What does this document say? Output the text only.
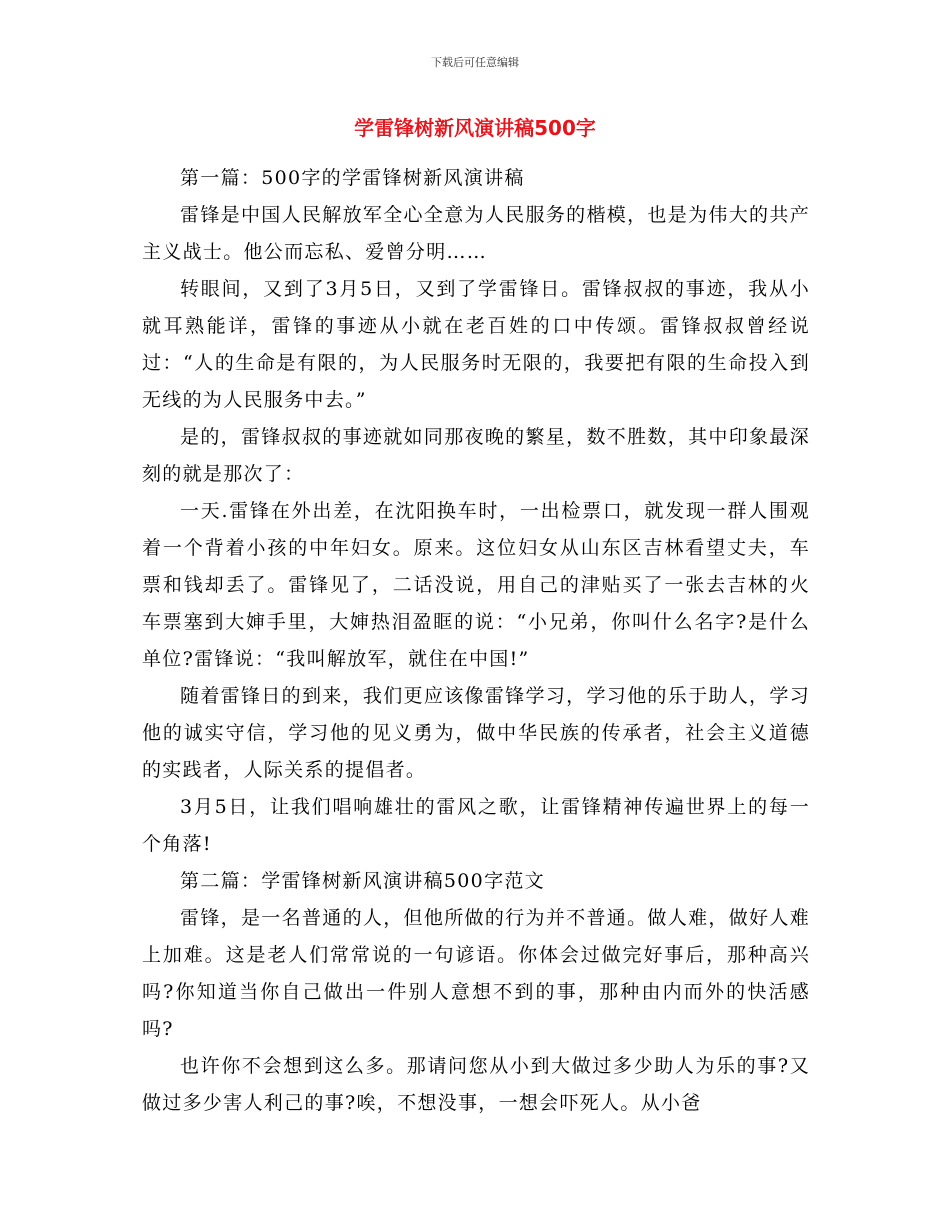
下载后可任意编辑
学雷锋树新风演讲稿500字

第一篇：500字的学雷锋树新风演讲稿

雷锋是中国人民解放军全心全意为人民服务的楷模，也是为伟大的共产主义战士。他公而忘私、爱曾分明……

转眼间，又到了3月5日，又到了学雷锋日。雷锋叔叔的事迹，我从小就耳熟能详，雷锋的事迹从小就在老百姓的口中传颂。雷锋叔叔曾经说过：“人的生命是有限的，为人民服务时无限的，我要把有限的生命投入到无线的为人民服务中去。”

是的，雷锋叔叔的事迹就如同那夜晚的繁星，数不胜数，其中印象最深刻的就是那次了：

一天.雷锋在外出差，在沈阳换车时，一出检票口，就发现一群人围观着一个背着小孩的中年妇女。原来。这位妇女从山东区吉林看望丈夫，车票和钱却丢了。雷锋见了，二话没说，用自己的津贴买了一张去吉林的火车票塞到大婶手里，大婶热泪盈眶的说：“小兄弟，你叫什么名字?是什么单位?雷锋说：“我叫解放军，就住在中国!”

随着雷锋日的到来，我们更应该像雷锋学习，学习他的乐于助人，学习他的诚实守信，学习他的见义勇为，做中华民族的传承者，社会主义道德的实践者，人际关系的提倡者。

3月5日，让我们唱响雄壮的雷风之歌，让雷锋精神传遍世界上的每一个角落!

第二篇：学雷锋树新风演讲稿500字范文

雷锋，是一名普通的人，但他所做的行为并不普通。做人难，做好人难上加难。这是老人们常常说的一句谚语。你体会过做完好事后，那种高兴吗?你知道当你自己做出一件别人意想不到的事，那种由内而外的快活感吗?

也许你不会想到这么多。那请问您从小到大做过多少助人为乐的事?又做过多少害人利己的事?唉，不想没事，一想会吓死人。从小爸
